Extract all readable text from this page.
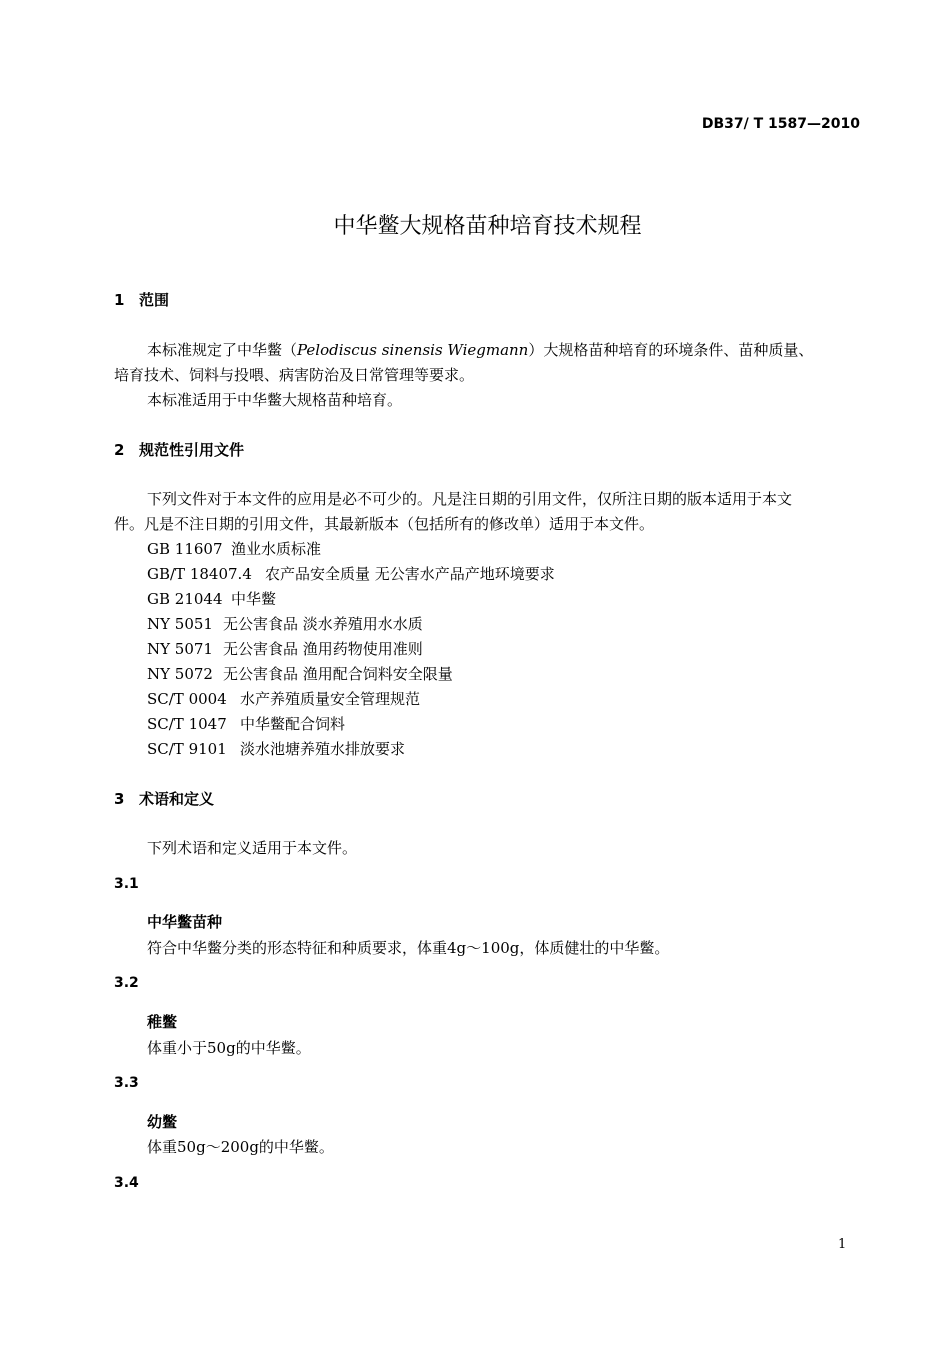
DB37/ T 1587—2010
中华鳖大规格苗种培育技术规程
1 范围
本标准规定了中华鳖（Pelodiscus sinensis Wiegmann）大规格苗种培育的环境条件、苗种质量、
培育技术、饲料与投喂、病害防治及日常管理等要求。
本标准适用于中华鳖大规格苗种培育。
2 规范性引用文件
下列文件对于本文件的应用是必不可少的。凡是注日期的引用文件，仅所注日期的版本适用于本文
件。凡是不注日期的引用文件，其最新版本（包括所有的修改单）适用于本文件。
GB 11607 渔业水质标准
GB/T 18407.4 农产品安全质量 无公害水产品产地环境要求
GB 21044 中华鳖
NY 5051 无公害食品 淡水养殖用水水质
NY 5071 无公害食品 渔用药物使用准则
NY 5072 无公害食品 渔用配合饲料安全限量
SC/T 0004 水产养殖质量安全管理规范
SC/T 1047 中华鳖配合饲料
SC/T 9101 淡水池塘养殖水排放要求
3 术语和定义
下列术语和定义适用于本文件。
3.1
中华鳖苗种
符合中华鳖分类的形态特征和种质要求，体重4g～100g，体质健壮的中华鳖。
3.2
稚鳖
体重小于50g的中华鳖。
3.3
幼鳖
体重50g～200g的中华鳖。
3.4
1
